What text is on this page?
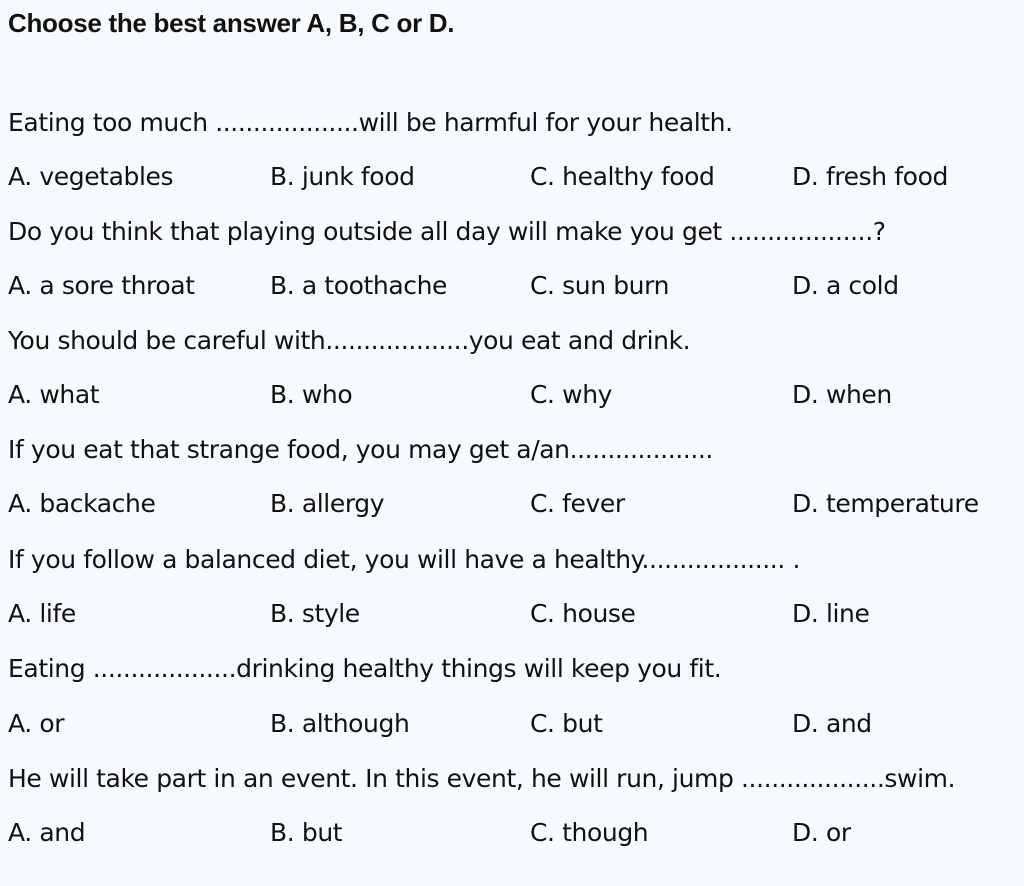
Choose the best answer A, B, C or D.
Eating too much ...................will be harmful for your health.
A. vegetables	B. junk food	C. healthy food	D. fresh food
Do you think that playing outside all day will make you get ...................?
A. a sore throat	B. a toothache	C. sun burn	D. a cold
You should be careful with...................you eat and drink.
A. what	B. who	C. why	D. when
If you eat that strange food, you may get a/an...................
A. backache	B. allergy	C. fever	D. temperature
If you follow a balanced diet, you will have a healthy................... .
A. life	B. style	C. house	D. line
Eating ...................drinking healthy things will keep you fit.
A. or	B. although	C. but	D. and
He will take part in an event. In this event, he will run, jump ...................swim.
A. and	B. but	C. though	D. or
